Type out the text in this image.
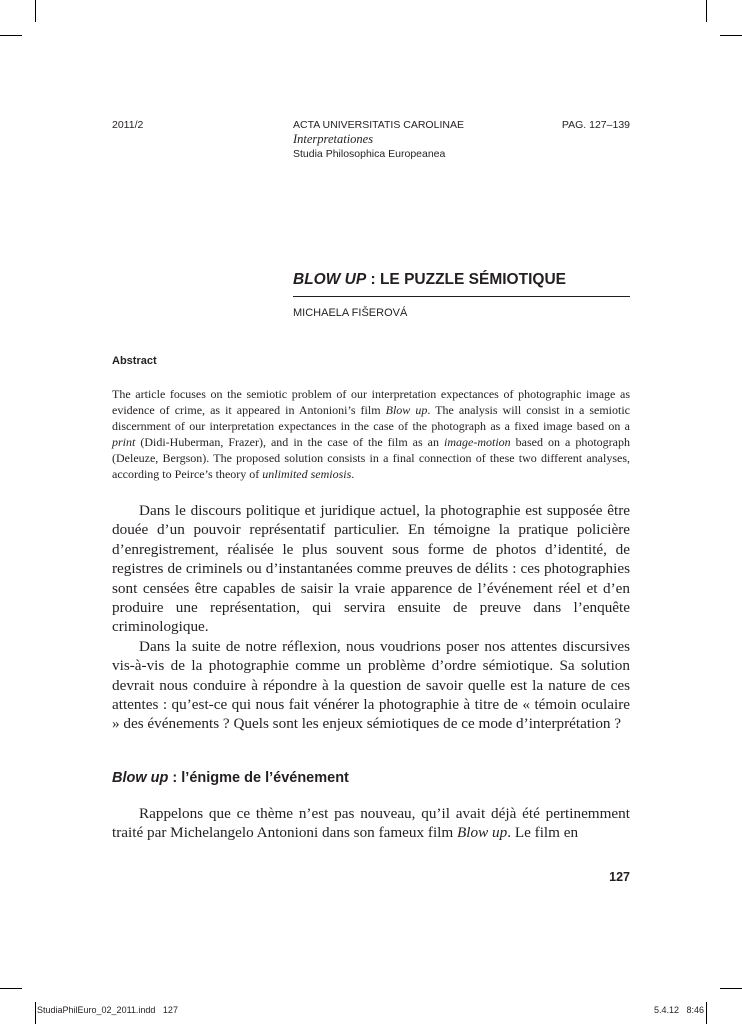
2011/2	ACTA UNIVERSITATIS CAROLINAE
Interpretationes
Studia Philosophica Europeanea
PAG. 127–139
BLOW UP : LE PUZZLE SÉMIOTIQUE
MICHAELA FIŠEROVÁ
Abstract
The article focuses on the semiotic problem of our interpretation expectances of photographic image as evidence of crime, as it appeared in Antonioni’s film Blow up. The analysis will consist in a semiotic discernment of our interpretation expectances in the case of the photograph as a fixed image based on a print (Didi-Huberman, Frazer), and in the case of the film as an image-motion based on a photograph (Deleuze, Bergson). The proposed solution consists in a final connection of these two different analyses, according to Peirce’s theory of unlimited semiosis.

Dans le discours politique et juridique actuel, la photographie est supposée être douée d’un pouvoir représentatif particulier. En témoigne la pratique policière d’enregistrement, réalisée le plus souvent sous forme de photos d’identité, de registres de criminels ou d’instantanées comme preuves de délits : ces photographies sont censées être capables de saisir la vraie apparence de l’événement réel et d’en produire une représentation, qui servira ensuite de preuve dans l’enquête criminologique.

Dans la suite de notre réflexion, nous voudrions poser nos attentes discursives vis-à-vis de la photographie comme un problème d’ordre sémiotique. Sa solution devrait nous conduire à répondre à la question de savoir quelle est la nature de ces attentes : qu’est-ce qui nous fait vénérer la photographie à titre de « témoin oculaire » des événements ? Quels sont les enjeux sémiotiques de ce mode d’interprétation ?

Blow up : l’énigme de l’événement

Rappelons que ce thème n’est pas nouveau, qu’il avait déjà été pertinemment traité par Michelangelo Antonioni dans son fameux film Blow up. Le film en

127
StudiaPhilEuro_02_2011.indd   127	5.4.12   8:46
